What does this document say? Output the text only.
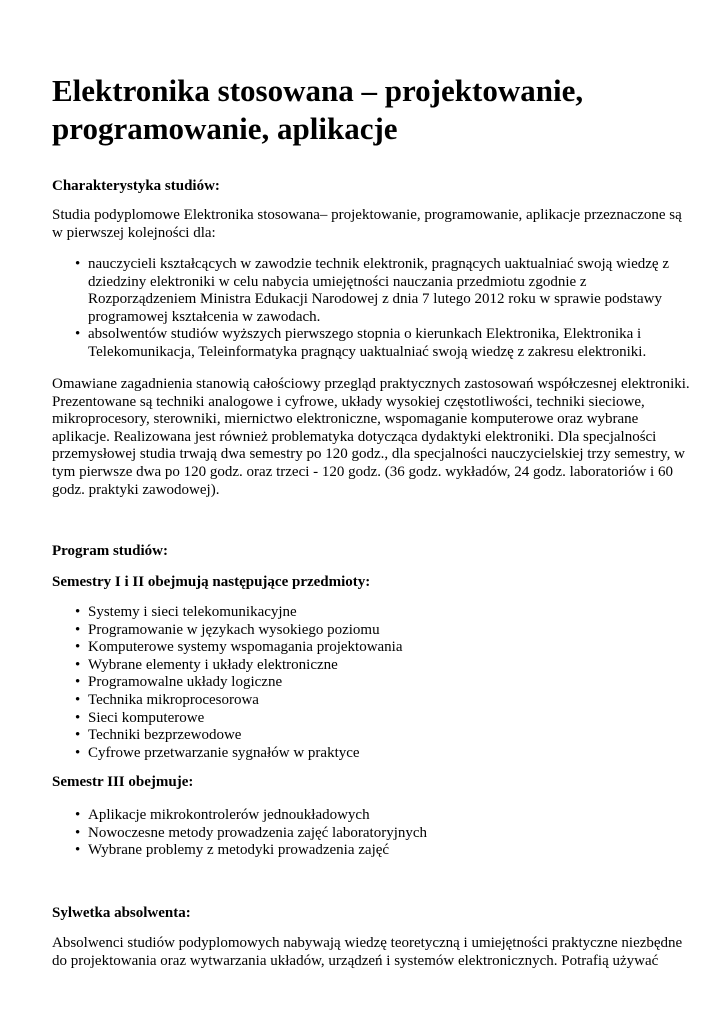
Elektronika stosowana – projektowanie, programowanie, aplikacje

Charakterystyka studiów:

Studia podyplomowe Elektronika stosowana– projektowanie, programowanie, aplikacje przeznaczone są w pierwszej kolejności dla:

• nauczycieli kształcących w zawodzie technik elektronik, pragnących uaktualniać swoją wiedzę z dziedziny elektroniki w celu nabycia umiejętności nauczania przedmiotu zgodnie z Rozporządzeniem Ministra Edukacji Narodowej z dnia 7 lutego 2012 roku w sprawie podstawy programowej kształcenia w zawodach.
• absolwentów studiów wyższych pierwszego stopnia o kierunkach Elektronika, Elektronika i Telekomunikacja, Teleinformatyka pragnący uaktualniać swoją wiedzę z zakresu elektroniki.

Omawiane zagadnienia stanowią całościowy przegląd praktycznych zastosowań współczesnej elektroniki. Prezentowane są techniki analogowe i cyfrowe, układy wysokiej częstotliwości, techniki sieciowe, mikroprocesory, sterowniki, miernictwo elektroniczne, wspomaganie komputerowe oraz wybrane aplikacje. Realizowana jest również problematyka dotycząca dydaktyki elektroniki. Dla specjalności przemysłowej studia trwają dwa semestry po 120 godz., dla specjalności nauczycielskiej trzy semestry, w tym pierwsze dwa po 120 godz. oraz trzeci - 120 godz. (36 godz. wykładów, 24 godz. laboratoriów i 60 godz. praktyki zawodowej).

Program studiów:

Semestry I i II obejmują następujące przedmioty:

• Systemy i sieci telekomunikacyjne
• Programowanie w językach wysokiego poziomu
• Komputerowe systemy wspomagania projektowania
• Wybrane elementy i układy elektroniczne
• Programowalne układy logiczne
• Technika mikroprocesorowa
• Sieci komputerowe
• Techniki bezprzewodowe
• Cyfrowe przetwarzanie sygnałów w praktyce

Semestr III obejmuje:

• Aplikacje mikrokontrolerów jednoukładowych
• Nowoczesne metody prowadzenia zajęć laboratoryjnych
• Wybrane problemy z metodyki prowadzenia zajęć

Sylwetka absolwenta:

Absolwenci studiów podyplomowych nabywają wiedzę teoretyczną i umiejętności praktyczne niezbędne do projektowania oraz wytwarzania układów, urządzeń i systemów elektronicznych. Potrafią używać
